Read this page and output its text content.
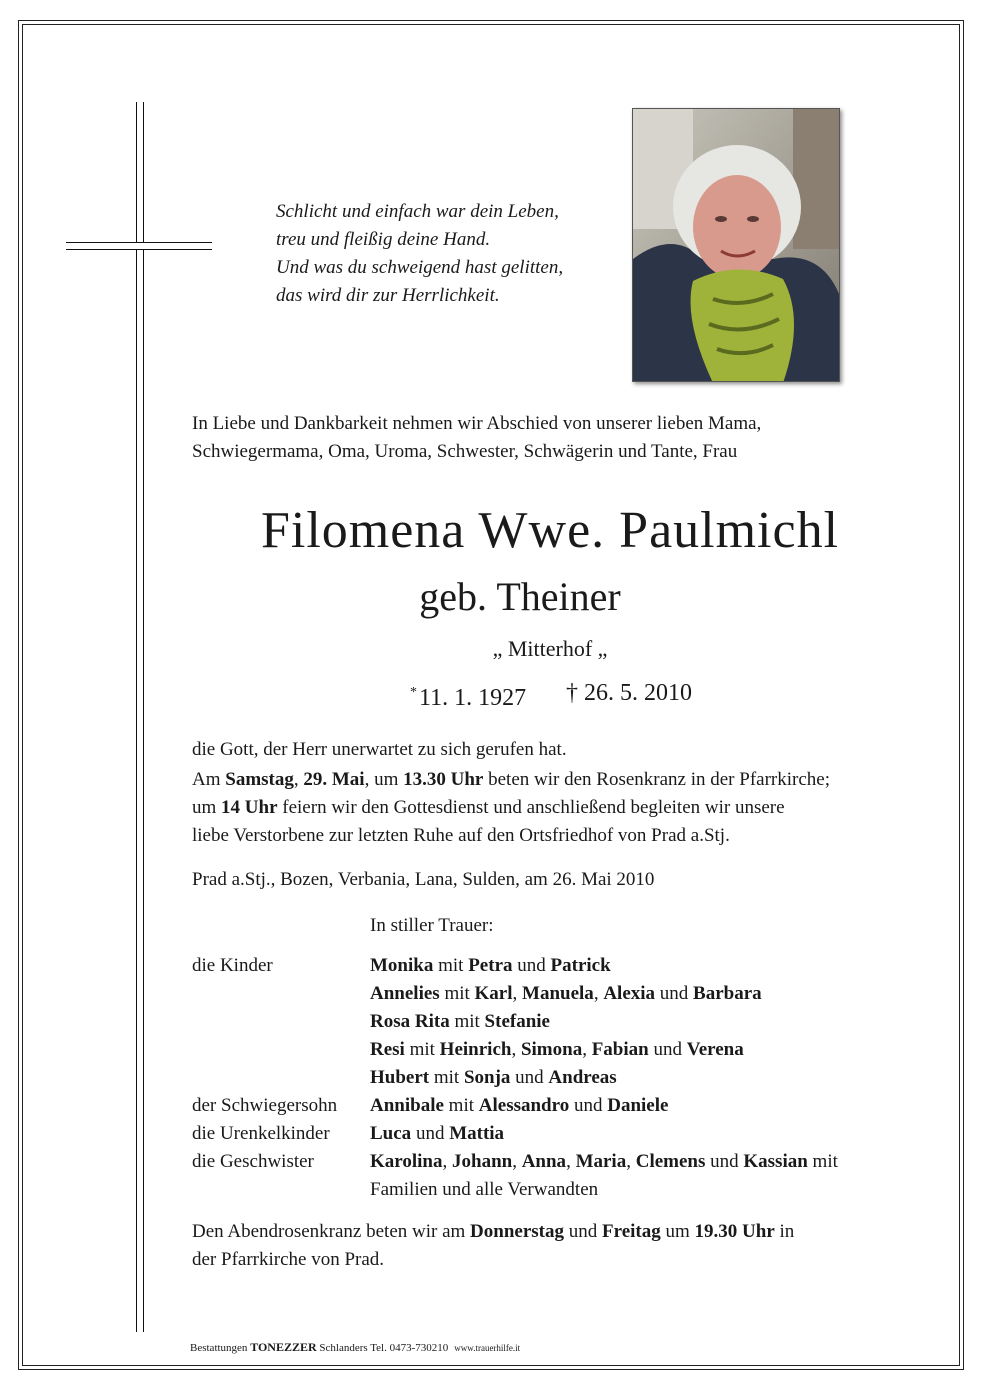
Schlicht und einfach war dein Leben,
treu und fleißig deine Hand.
Und was du schweigend hast gelitten,
das wird dir zur Herrlichkeit.
In Liebe und Dankbarkeit nehmen wir Abschied von unserer lieben Mama,
Schwiegermama, Oma, Uroma, Schwester, Schwägerin und Tante, Frau
Filomena Wwe. Paulmichl
geb. Theiner
„ Mitterhof „
*11. 1. 1927 † 26. 5. 2010
die Gott, der Herr unerwartet zu sich gerufen hat.
Am Samstag, 29. Mai, um 13.30 Uhr beten wir den Rosenkranz in der Pfarrkirche;
um 14 Uhr feiern wir den Gottesdienst und anschließend begleiten wir unsere
liebe Verstorbene zur letzten Ruhe auf den Ortsfriedhof von Prad a.Stj.
Prad a.Stj., Bozen, Verbania, Lana, Sulden, am 26. Mai 2010
In stiller Trauer:
die Kinder	Monika mit Petra und Patrick
Annelies mit Karl, Manuela, Alexia und Barbara
Rosa Rita mit Stefanie
Resi mit Heinrich, Simona, Fabian und Verena
Hubert mit Sonja und Andreas
der Schwiegersohn Annibale mit Alessandro und Daniele
die Urenkelkinder Luca und Mattia
die Geschwister	Karolina, Johann, Anna, Maria, Clemens und Kassian mit
Familien und alle Verwandten
Den Abendrosenkranz beten wir am Donnerstag und Freitag um 19.30 Uhr in
der Pfarrkirche von Prad.
Bestattungen TONEZZER Schlanders Tel. 0473-730210 www.trauerhilfe.it
